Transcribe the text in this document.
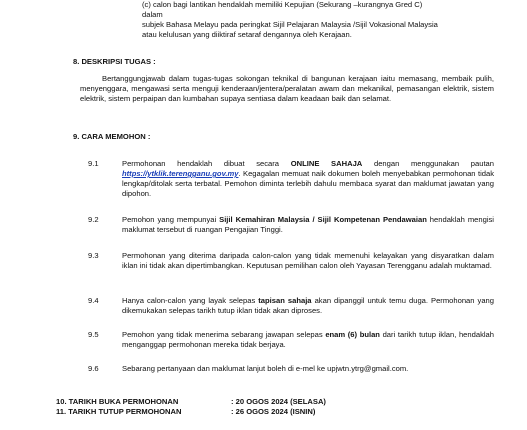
(c) calon bagi lantikan hendaklah memiliki Kepujian (Sekurang –kurangnya Gred C) dalam

subjek Bahasa Melayu pada peringkat Sijil Pelajaran Malaysia /Sijil Vokasional Malaysia

atau kelulusan yang diiktiraf setaraf dengannya oleh Kerajaan.

8. DESKRIPSI TUGAS :

Bertanggungjawab dalam tugas-tugas sokongan teknikal di bangunan kerajaan iaitu memasang, membaik pulih, menyenggara, mengawasi serta menguji kenderaan/jentera/peralatan awam dan mekanikal, pemasangan elektrik, sistem elektrik, sistem perpaipan dan kumbahan supaya sentiasa dalam keadaan baik dan selamat.

9. CARA MEMOHON :
9.1	Permohonan hendaklah dibuat secara ONLINE SAHAJA dengan menggunakan pautan https://ytklik.terengganu.gov.my. Kegagalan memuat naik dokumen boleh menyebabkan permohonan tidak lengkap/ditolak serta terbatal. Pemohon diminta terlebih dahulu membaca syarat dan maklumat jawatan yang dipohon.

9.2	Pemohon yang mempunyai Sijil Kemahiran Malaysia / Sijil Kompetenan Pendawaian hendaklah mengisi maklumat tersebut di ruangan Pengajian Tinggi.

9.3	Permohonan yang diterima daripada calon-calon yang tidak memenuhi kelayakan yang disyaratkan dalam iklan ini tidak akan dipertimbangkan. Keputusan pemilihan calon oleh Yayasan Terengganu adalah muktamad.

9.4	Hanya calon-calon yang layak selepas tapisan sahaja akan dipanggil untuk temu duga. Permohonan yang dikemukakan selepas tarikh tutup iklan tidak akan diproses.

9.5	Pemohon yang tidak menerima sebarang jawapan selepas enam (6) bulan dari tarikh tutup iklan, hendaklah menganggap permohonan mereka tidak berjaya.

9.6	Sebarang pertanyaan dan maklumat lanjut boleh di e-mel ke upjwtn.ytrg@gmail.com.

10. TARIKH BUKA PERMOHONAN	: 20 OGOS 2024 (SELASA)
11. TARIKH TUTUP PERMOHONAN	: 26 OGOS 2024 (ISNIN)
